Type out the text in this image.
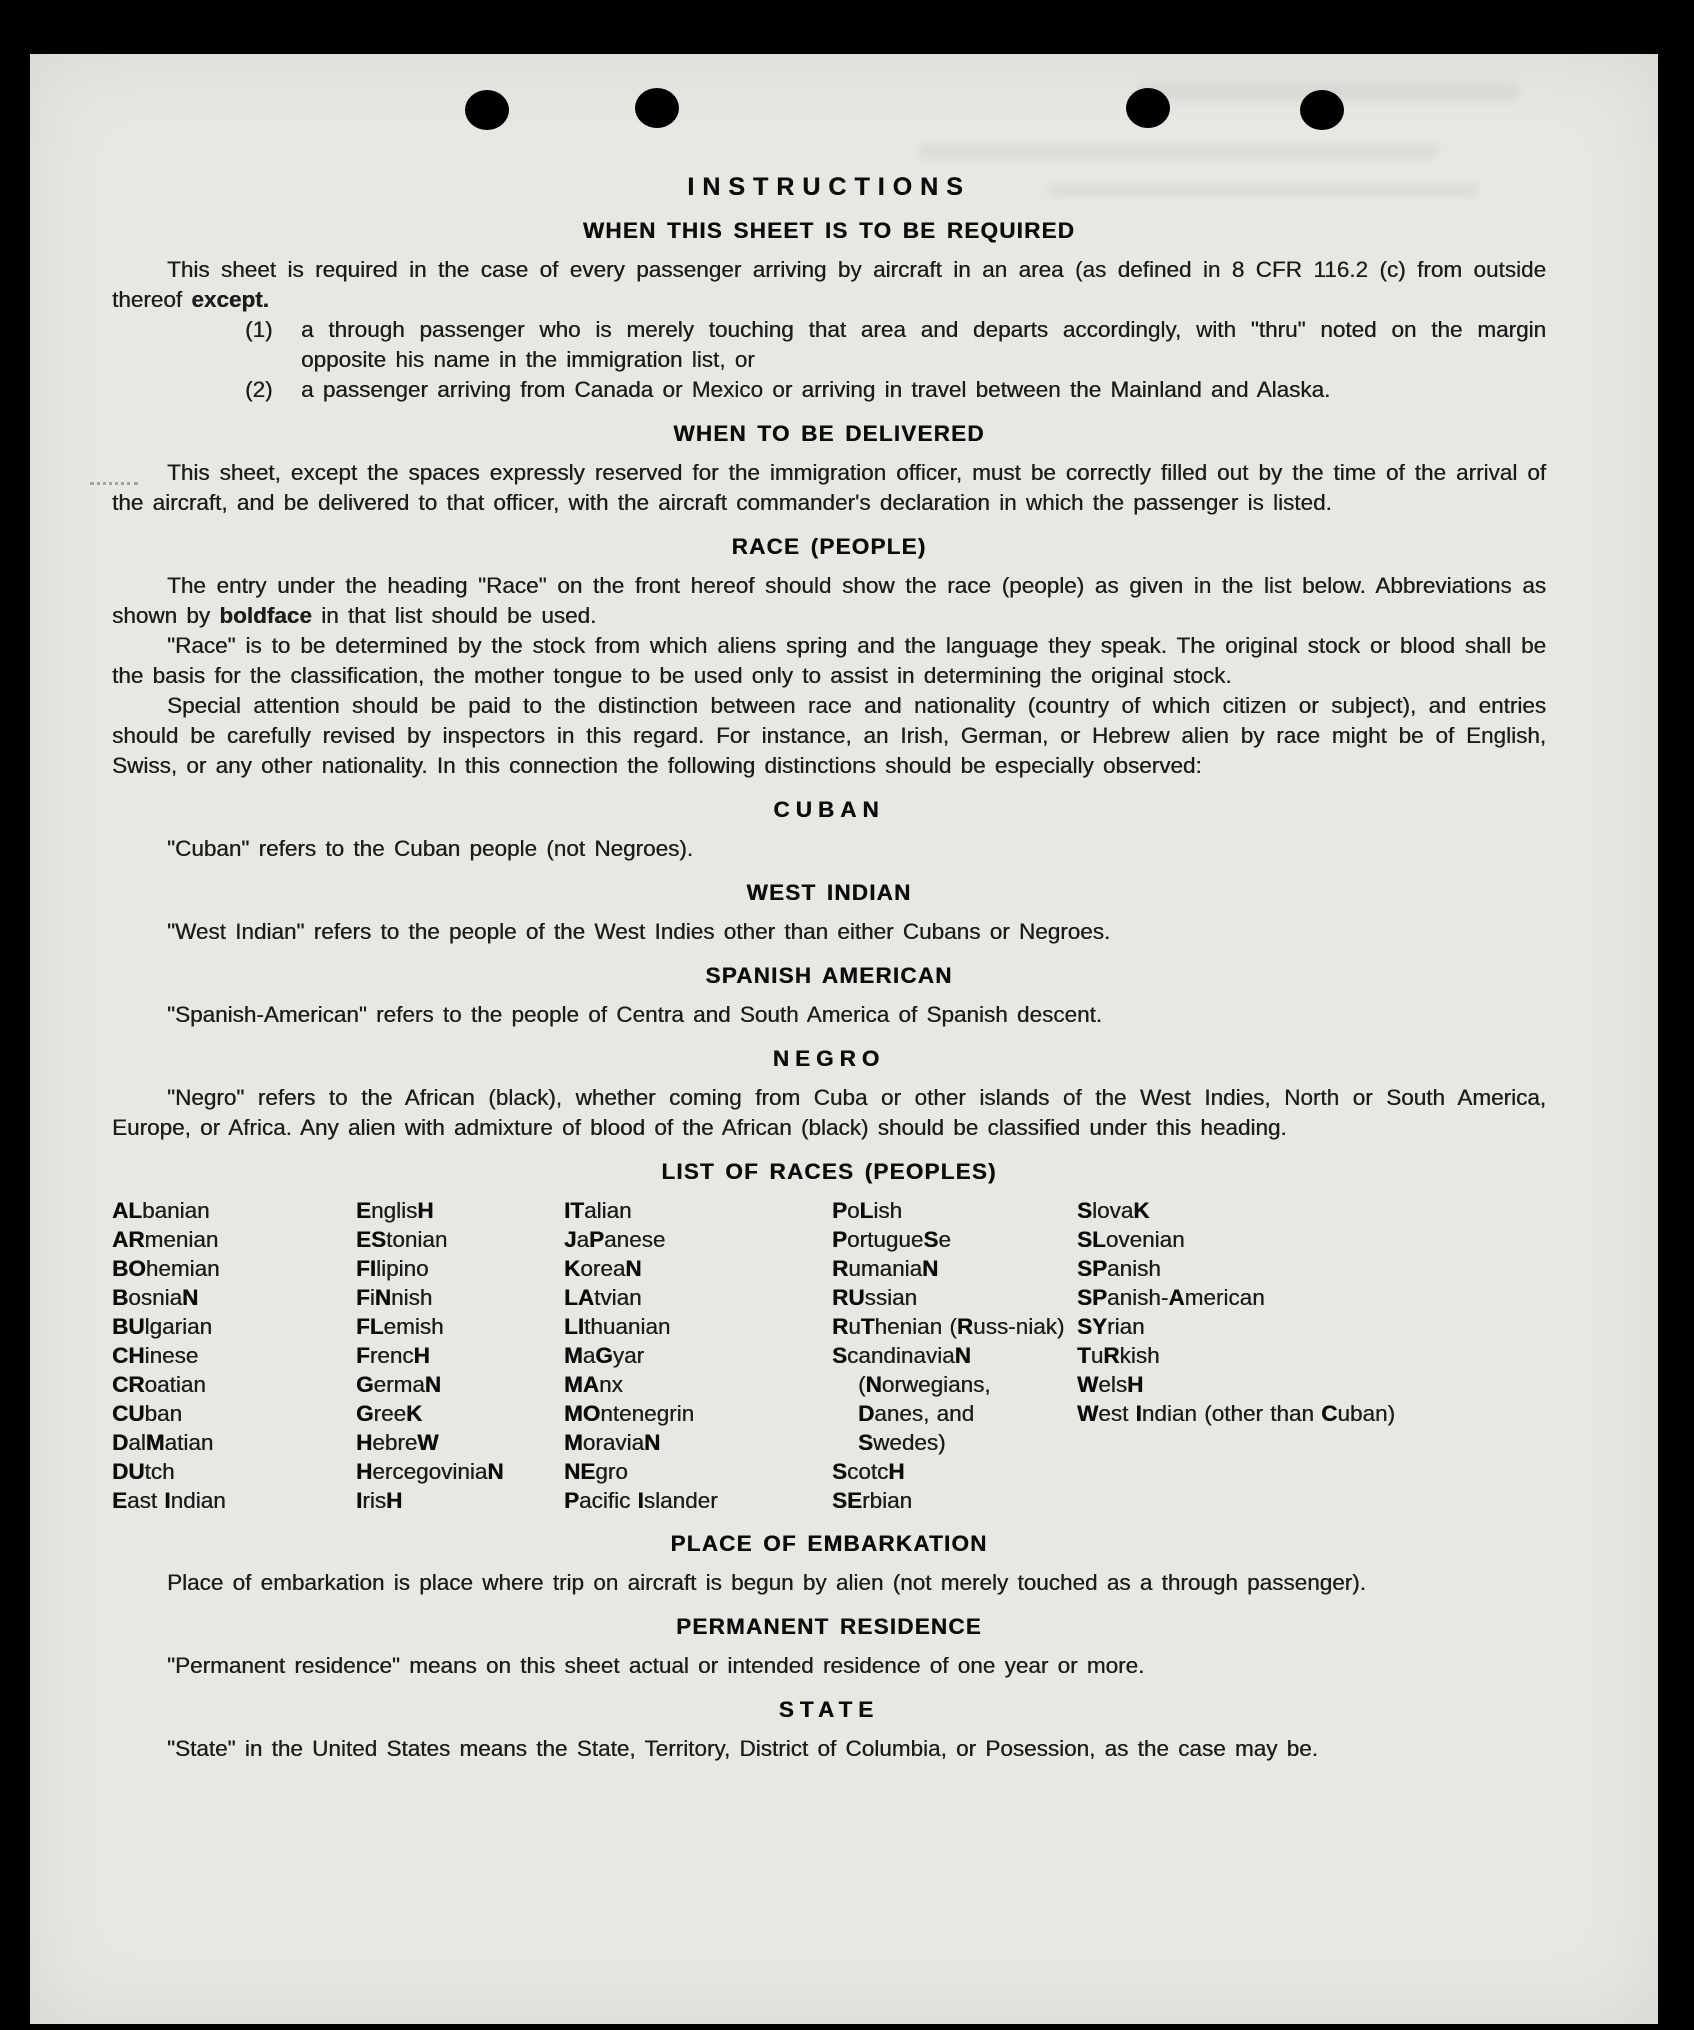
INSTRUCTIONS
WHEN THIS SHEET IS TO BE REQUIRED

This sheet is required in the case of every passenger arriving by aircraft in an area (as defined in 8 CFR 116.2 (c) from outside thereof except.

(1)	a through passenger who is merely touching that area and departs accordingly, with "thru" noted on the margin opposite his name in the immigration list, or
(2)	a passenger arriving from Canada or Mexico or arriving in travel between the Mainland and Alaska.
WHEN TO BE DELIVERED

This sheet, except the spaces expressly reserved for the immigration officer, must be correctly filled out by the time of the arrival of the aircraft, and be delivered to that officer, with the aircraft commander's declaration in which the passenger is listed.

RACE (PEOPLE)

The entry under the heading "Race" on the front hereof should show the race (people) as given in the list below. Abbreviations as shown by boldface in that list should be used.

"Race" is to be determined by the stock from which aliens spring and the language they speak. The original stock or blood shall be the basis for the classification, the mother tongue to be used only to assist in determining the original stock.

Special attention should be paid to the distinction between race and nationality (country of which citizen or subject), and entries should be carefully revised by inspectors in this regard. For instance, an Irish, German, or Hebrew alien by race might be of English, Swiss, or any other nationality. In this connection the following distinctions should be especially observed:

CUBAN

"Cuban" refers to the Cuban people (not Negroes).

WEST INDIAN

"West Indian" refers to the people of the West Indies other than either Cubans or Negroes.

SPANISH AMERICAN

"Spanish-American" refers to the people of Centra and South America of Spanish descent.

NEGRO

"Negro" refers to the African (black), whether coming from Cuba or other islands of the West Indies, North or South America, Europe, or Africa. Any alien with admixture of blood of the African (black) should be classified under this heading.

LIST OF RACES (PEOPLES)
ALbanian
ARmenian
BOhemian
BosniaN
BUlgarian
CHinese
CRoatian
CUban
DalMatian
DUtch
East Indian
EnglisH
EStonian
FIlipino
FiNnish
FLemish
FrencH
GermaN
GreeK
HebreW
HercegoviniaN
IrisH
ITalian
JaPanese
KoreaN
LAtvian
LIthuanian
MaGyar
MAnx
MOntenegrin
MoraviaN
NEgro
Pacific Islander
PoLish
PortugueSe
RumaniaN
RUssian
RuThenian (Russ-niak)
ScandinaviaN (Norwegians, Danes, and Swedes)
ScotcH
SErbian
SlovaK
SLovenian
SPanish
SPanish-American
SYrian
TuRkish
WelsH
West Indian (other than Cuban)
PLACE OF EMBARKATION

Place of embarkation is place where trip on aircraft is begun by alien (not merely touched as a through passenger).

PERMANENT RESIDENCE

"Permanent residence" means on this sheet actual or intended residence of one year or more.

STATE

"State" in the United States means the State, Territory, District of Columbia, or Posession, as the case may be.
